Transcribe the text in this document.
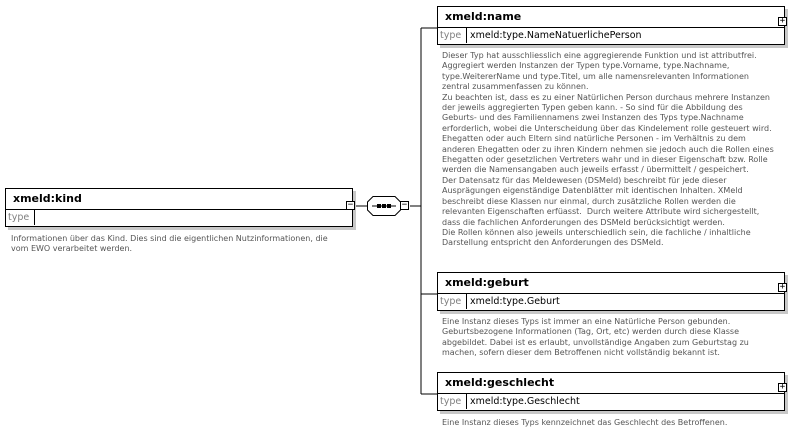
xmeld:kind
type
−
Informationen über das Kind. Dies sind die eigentlichen Nutzinformationen, die
vom EWO verarbeitet werden.
−
xmeld:name
type xmeld:type.NameNatuerlichePerson
+
Dieser Typ hat ausschliesslich eine aggregierende Funktion und ist attributfrei.
Aggregiert werden Instanzen der Typen type.Vorname, type.Nachname,
type.WeitererName und type.Titel, um alle namensrelevanten Informationen
zentral zusammenfassen zu können.
Zu beachten ist, dass es zu einer Natürlichen Person durchaus mehrere Instanzen
der jeweils aggregierten Typen geben kann. - So sind für die Abbildung des
Geburts- und des Familiennamens zwei Instanzen des Typs type.Nachname
erforderlich, wobei die Unterscheidung über das Kindelement rolle gesteuert wird.
Ehegatten oder auch Eltern sind natürliche Personen - im Verhältnis zu dem
anderen Ehegatten oder zu ihren Kindern nehmen sie jedoch auch die Rollen eines
Ehegatten oder gesetzlichen Vertreters wahr und in dieser Eigenschaft bzw. Rolle
werden die Namensangaben auch jeweils erfasst / übermittelt / gespeichert.
Der Datensatz für das Meldewesen (DSMeld) beschreibt für jede dieser
Ausprägungen eigenständige Datenblätter mit identischen Inhalten. XMeld
beschreibt diese Klassen nur einmal, durch zusätzliche Rollen werden die
relevanten Eigenschaften erfüasst.  Durch weitere Attribute wird sichergestellt,
dass die fachlichen Anforderungen des DSMeld berücksichtigt werden.
Die Rollen können also jeweils unterschiedlich sein, die fachliche / inhaltliche
Darstellung entspricht den Anforderungen des DSMeld.
xmeld:geburt
type xmeld:type.Geburt
+
Eine Instanz dieses Typs ist immer an eine Natürliche Person gebunden.
Geburtsbezogene Informationen (Tag, Ort, etc) werden durch diese Klasse
abgebildet. Dabei ist es erlaubt, unvollständige Angaben zum Geburtstag zu
machen, sofern dieser dem Betroffenen nicht vollständig bekannt ist.
xmeld:geschlecht
type xmeld:type.Geschlecht
+
Eine Instanz dieses Typs kennzeichnet das Geschlecht des Betroffenen.
